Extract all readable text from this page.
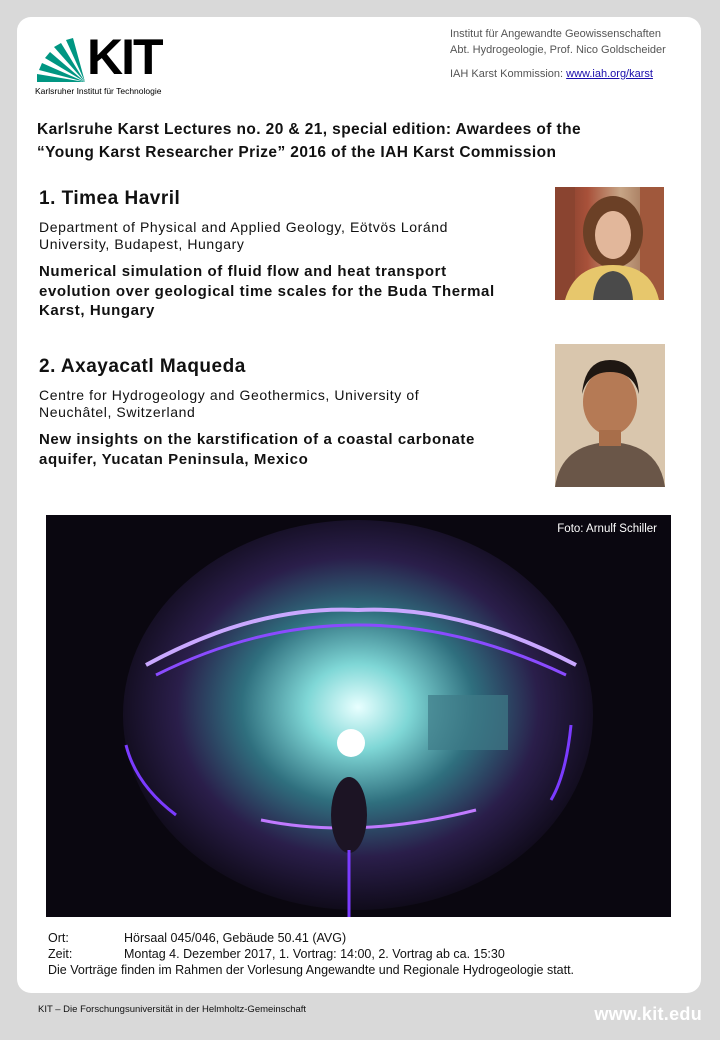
KIT
Karlsruher Institut für Technologie
Institut für Angewandte Geowissenschaften
Abt. Hydrogeologie, Prof. Nico Goldscheider
IAH Karst Kommission: www.iah.org/karst
Karlsruhe Karst Lectures no. 20 & 21, special edition: Awardees of the
“Young Karst Researcher Prize” 2016 of the IAH Karst Commission
1. Timea Havril
Department of Physical and Applied Geology, Eötvös Loránd University, Budapest, Hungary
Numerical simulation of fluid flow and heat transport evolution over geological time scales for the Buda Thermal Karst, Hungary
2. Axayacatl Maqueda
Centre for Hydrogeology and Geothermics, University of Neuchâtel, Switzerland
New insights on the karstification of a coastal carbonate aquifer, Yucatan Peninsula, Mexico
Foto: Arnulf Schiller
Ort:	Hörsaal 045/046, Gebäude 50.41 (AVG)
Zeit:	Montag 4. Dezember 2017, 1. Vortrag: 14:00, 2. Vortrag ab ca. 15:30
Die Vorträge finden im Rahmen der Vorlesung Angewandte und Regionale Hydrogeologie statt.
KIT – Die Forschungsuniversität in der Helmholtz-Gemeinschaft	www.kit.edu
